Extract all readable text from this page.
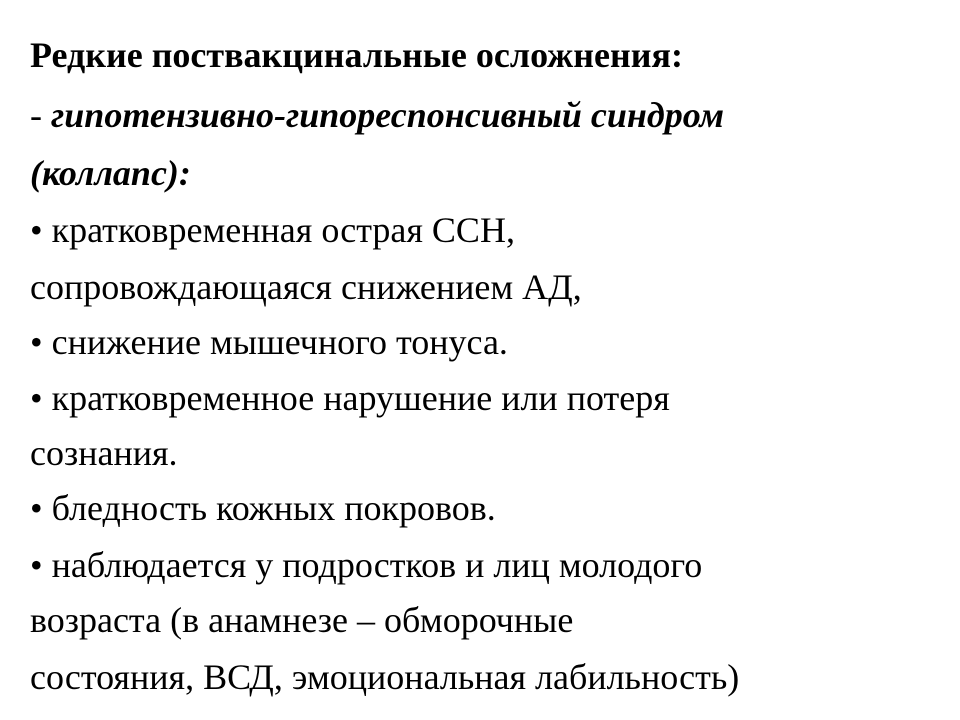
Редкие поствакцинальные осложнения:

- гипотензивно-гипореспонсивный синдром

(коллапс):

• кратковременная острая ССН,

сопровождающаяся снижением АД,

• снижение мышечного тонуса.

• кратковременное нарушение или потеря

сознания.

• бледность кожных покровов.

• наблюдается у подростков и лиц молодого

возраста (в анамнезе – обморочные

состояния, ВСД, эмоциональная лабильность)
